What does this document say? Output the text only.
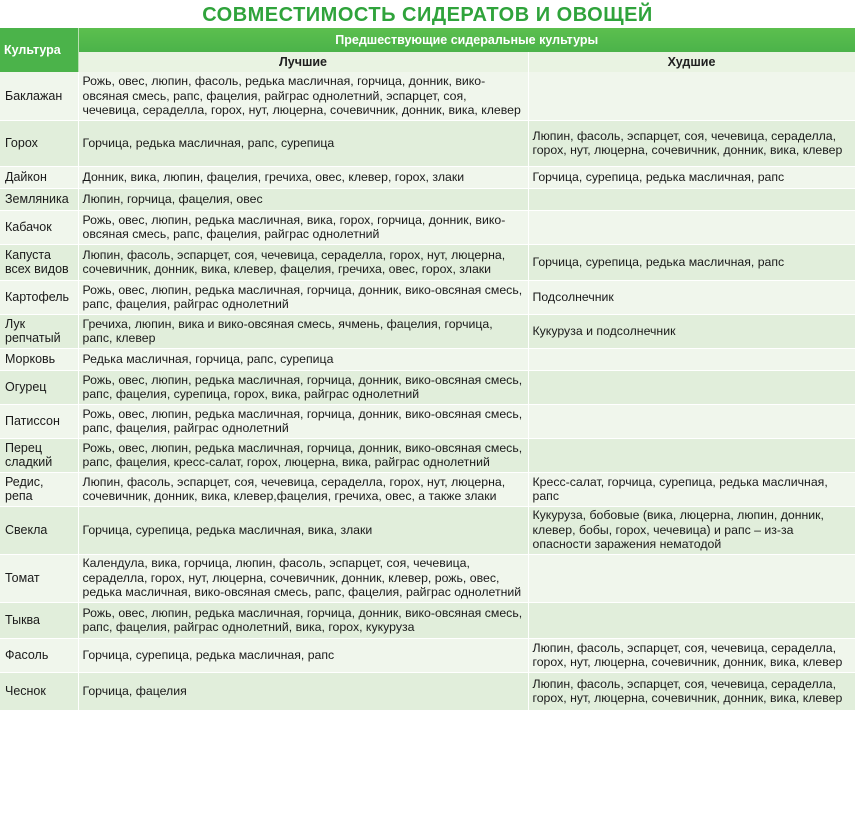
СОВМЕСТИМОСТЬ СИДЕРАТОВ И ОВОЩЕЙ
Культура	Предшествующие сидеральные культуры	
	Лучшие	Худшие
Баклажан	Рожь, овес, люпин, фасоль, редька масличная, горчица, донник, вико-овсяная смесь, рапс, фацелия, райграс однолетний, эспарцет, соя, чечевица, сераделла, горох, нут, люцерна, сочевичник, донник, вика, клевер	
Горох	Горчица, редька масличная, рапс, сурепица	Люпин, фасоль, эспарцет, соя, чечевица, сераделла, горох, нут, люцерна, сочевичник, донник, вика, клевер
Дайкон	Донник, вика, люпин, фацелия, гречиха, овес, клевер, горох, злаки	Горчица, сурепица, редька масличная, рапс
Земляника	Люпин, горчица, фацелия, овес	
Кабачок	Рожь, овес, люпин, редька масличная, вика, горох, горчица, донник, вико-овсяная смесь, рапс, фацелия, райграс однолетний	
Капуста всех видов	Люпин, фасоль, эспарцет, соя, чечевица, сераделла, горох, нут, люцерна, сочевичник, донник, вика, клевер, фацелия, гречиха, овес, горох, злаки	Горчица, сурепица, редька масличная, рапс
Картофель	Рожь, овес, люпин, редька масличная, горчица, донник, вико-овсяная смесь, рапс, фацелия, райграс однолетний	Подсолнечник
Лук репчатый	Гречиха, люпин, вика и вико-овсяная смесь, ячмень, фацелия, горчица, рапс, клевер	Кукуруза и подсолнечник
Морковь	Редька масличная, горчица, рапс, сурепица	
Огурец	Рожь, овес, люпин, редька масличная, горчица, донник, вико-овсяная смесь, рапс, фацелия, сурепица, горох, вика, райграс однолетний	
Патиссон	Рожь, овес, люпин, редька масличная, горчица, донник, вико-овсяная смесь, рапс, фацелия, райграс однолетний	
Перец сладкий	Рожь, овес, люпин, редька масличная, горчица, донник, вико-овсяная смесь, рапс, фацелия, кресс-салат, горох, люцерна, вика, райграс однолетний	
Редис, репа	Люпин, фасоль, эспарцет, соя, чечевица, сераделла, горох, нут, люцерна, сочевичник, донник, вика, клевер,фацелия, гречиха, овес, а также злаки	Кресс-салат, горчица, сурепица, редька масличная, рапс
Свекла	Горчица, сурепица, редька масличная, вика, злаки	Кукуруза, бобовые (вика, люцерна, люпин, донник, клевер, бобы, горох, чечевица) и рапс – из-за опасности заражения нематодой
Томат	Календула, вика, горчица, люпин, фасоль, эспарцет, соя, чечевица, сераделла, горох, нут, люцерна, сочевичник, донник, клевер, рожь, овес, редька масличная, вико-овсяная смесь, рапс, фацелия, райграс однолетний	
Тыква	Рожь, овес, люпин, редька масличная, горчица, донник, вико-овсяная смесь, рапс, фацелия, райграс однолетний, вика, горох, кукуруза	
Фасоль	Горчица, сурепица, редька масличная, рапс	Люпин, фасоль, эспарцет, соя, чечевица, сераделла, горох, нут, люцерна, сочевичник, донник, вика, клевер
Чеснок	Горчица, фацелия	Люпин, фасоль, эспарцет, соя, чечевица, сераделла, горох, нут, люцерна, сочевичник, донник, вика, клевер
